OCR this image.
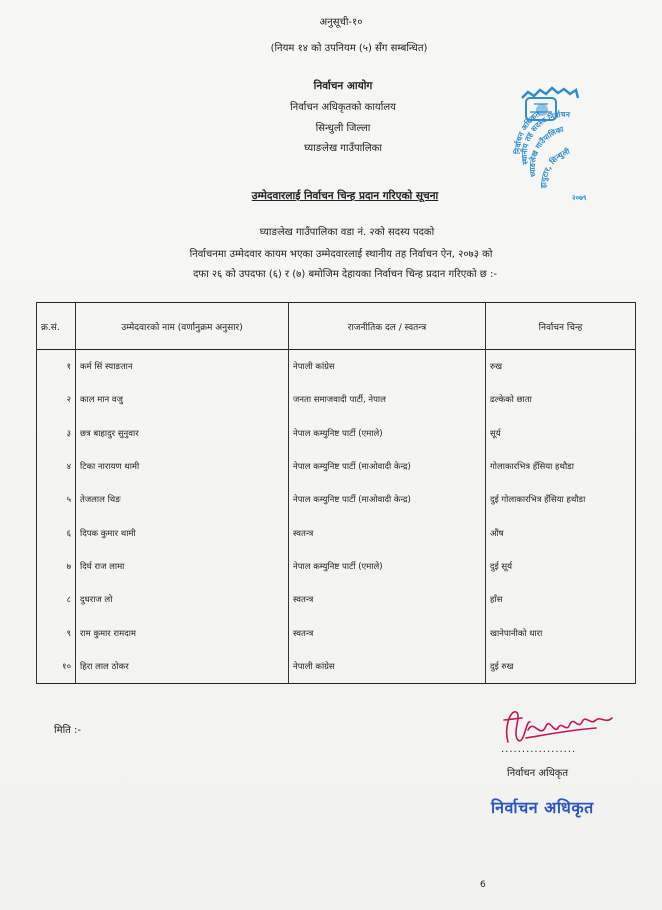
अनुसूची-१०
(नियम १४ को उपनियम (५) सँग सम्बन्धित)
निर्वाचन आयोग
निर्वाचन अधिकृतको कार्यालय
सिन्धुली जिल्ला
घ्याङलेख गाउँपालिका	निर्वाचन अधिकृत
स्थानीय तह सदस्य निर्वाचन
घ्याङलेख गाउँपालिका
हायुटार, सिन्धुली
२०७९
उम्मेदवारलाई निर्वाचन चिन्ह प्रदान गरिएको सूचना
घ्याङलेख गाउँपालिका वडा नं. २को सदस्य पदको
निर्वाचनमा उम्मेदवार कायम भएका उम्मेदवारलाई स्थानीय तह निर्वाचन ऐन, २०७३ को
दफा २६ को उपदफा (६) र (७) बमोजिम देहायका निर्वाचन चिन्ह प्रदान गरिएको छ :-
क्र.सं.	उम्मेदवारको नाम (वर्णानुक्रम अनुसार)	राजनीतिक दल / स्वतन्त्र	निर्वाचन चिन्ह
१	कर्म सिं स्याङतान	नेपाली कांग्रेस	रुख
२	काल मान वजु	जनता समाजवादी पार्टी, नेपाल	ढल्केको छाता
३	छत्र बाहादुर सुनुवार	नेपाल कम्युनिष्ट पार्टी (एमाले)	सूर्य
४	टिका नारायण थामी	नेपाल कम्युनिष्ट पार्टी (माओवादी केन्द्र)	गोलाकारभित्र हँसिया हथौडा
५	तेजलाल थिङ	नेपाल कम्युनिष्ट पार्टी (माओवादी केन्द्र)	दुई गोलाकारभित्र हँसिया हथौडा
६	दिपक कुमार थामी	स्वतन्त्र	औंष
७	दिर्घ राज लामा	नेपाल कम्युनिष्ट पार्टी (एमाले)	दुई सूर्य
८	दुधराज लो	स्वतन्त्र	हाँस
९	राम कुमार रामदाम	स्वतन्त्र	खानेपानीको धारा
१०	हिरा लाल ठोकर	नेपाली कांग्रेस	दुई रुख
मिति :-
..................
निर्वाचन अधिकृत
निर्वाचन अधिकृत
6
